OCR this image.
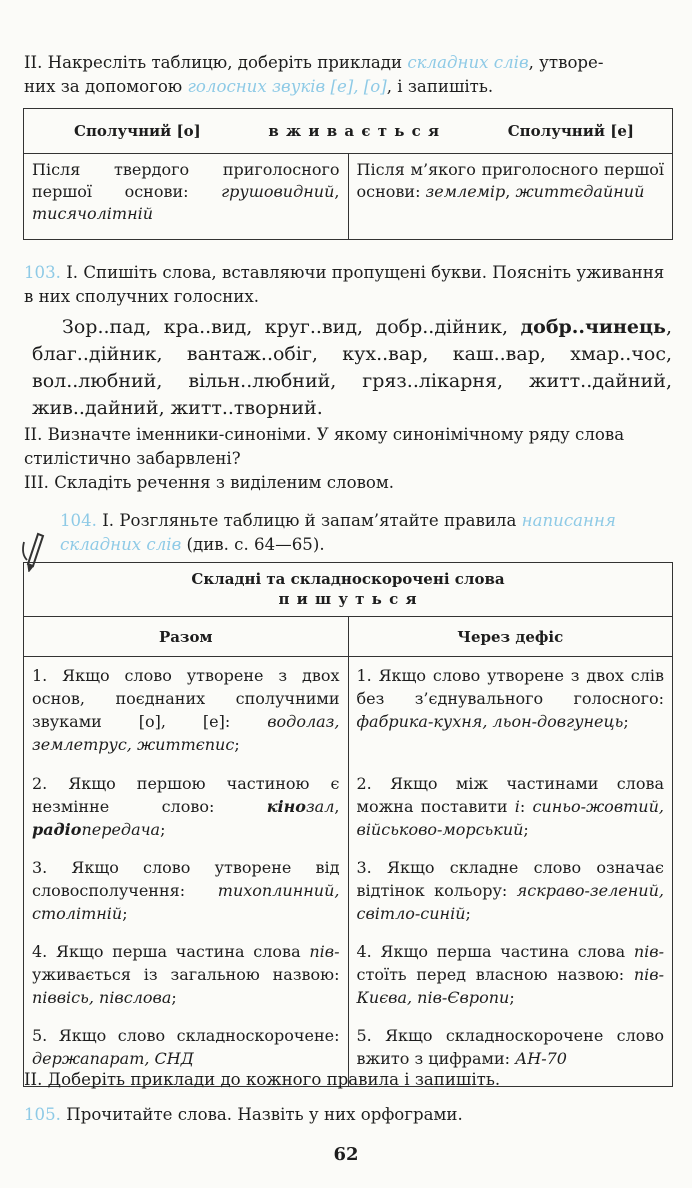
ІІ. Накресліть таблицю, доберіть приклади складних слів, утворе-
них за допомогою голосних звуків [е], [о], і запишіть.
Сполучний [о]	в ж и в а є т ь с я	Сполучний [е]

Після твердого приголосного першої основи: грушовидний, тисячолітній	Після м’якого приголосного першої основи: землемір, життєдайний
103. І. Спишіть слова, вставляючи пропущені букви. Поясніть уживання в них сполучних голосних.
Зор..пад, кра..вид, круг..вид, добр..дійник, добр..чинець, благ..дійник, вантаж..обіг, кух..вар, каш..вар, хмар..чос, вол..любний, вільн..любний, гряз..лікарня, житт..дайний, жив..дайний, житт..творний.
ІІ. Визначте іменники-синоніми. У якому синонімічному ряду слова стилістично забарвлені?
ІІІ. Складіть речення з виділеним словом.
104. І. Розгляньте таблицю й запам’ятайте правила написання складних слів (див. с. 64—65).
Складні та складноскорочені слова
п и ш у т ь с я	

Разом	Через дефіс
1. Якщо слово утворене з двох основ, поєднаних сполучними звуками [о], [е]: водолаз, землетрус, життєпис;	1. Якщо слово утворене з двох слів без з’єднувального голосного: фабрика-кухня, льон-довгунець;
2. Якщо першою частиною є незмінне слово: кінозал, радіопередача;	2. Якщо між частинами слова можна поставити і: синьо-жовтий, військово-морський;
3. Якщо слово утворене від словосполучення: тихоплинний, столітній;	3. Якщо складне слово означає відтінок кольору: яскраво-зелений, світло-синій;
4. Якщо перша частина слова пів- уживається із загальною назвою: піввісь, півслова;	4. Якщо перша частина слова пів- стоїть перед власною назвою: пів-Києва, пів-Європи;
5. Якщо слово складноскорочене: держапарат, СНД	5. Якщо складноскорочене слово вжито з цифрами: АН-70
ІІ. Доберіть приклади до кожного правила і запишіть.
105. Прочитайте слова. Назвіть у них орфограми.
62
